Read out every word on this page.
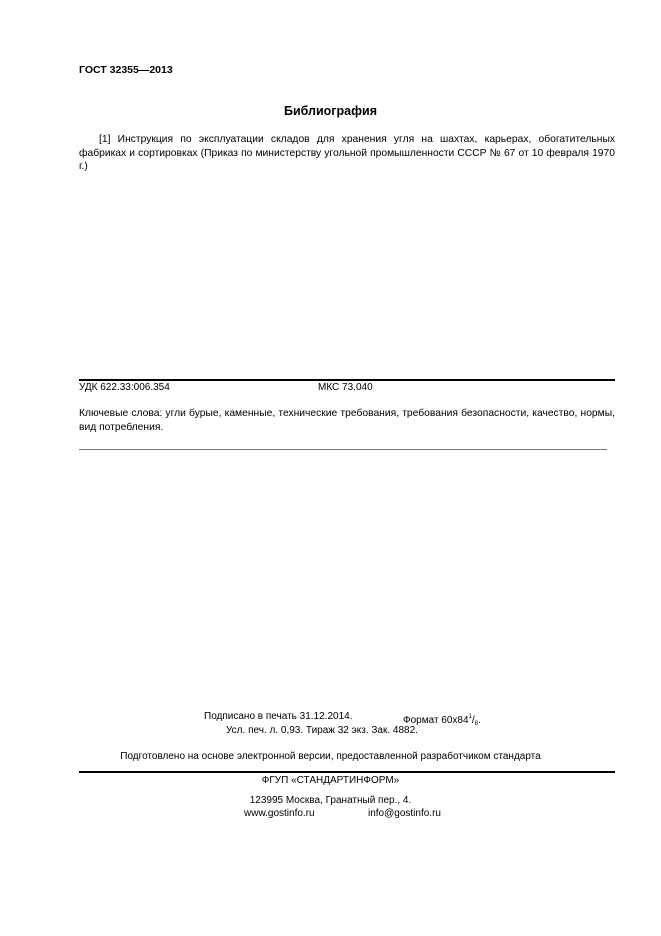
ГОСТ 32355—2013
Библиография
[1] Инструкция по эксплуатации складов для хранения угля на шахтах, карьерах, обогатительных фабриках и сортировках (Приказ по министерству угольной промышленности СССР № 67 от 10 февраля 1970 г.)
УДК 622.33:006.354	МКС 73.040
Ключевые слова: угли бурые, каменные, технические требования, требования безопасности, качество, нормы, вид потребления.
Подписано в печать 31.12.2014.	Формат $60x84^1/_8$.
Усл. печ. л. 0,93. Тираж 32 экз. Зак. 4882.
Подготовлено на основе электронной версии, предоставленной разработчиком стандарта
ФГУП «СТАНДАРТИНФОРМ»
123995 Москва, Гранатный пер., 4.
www.gostinfo.ru	info@gostinfo.ru
